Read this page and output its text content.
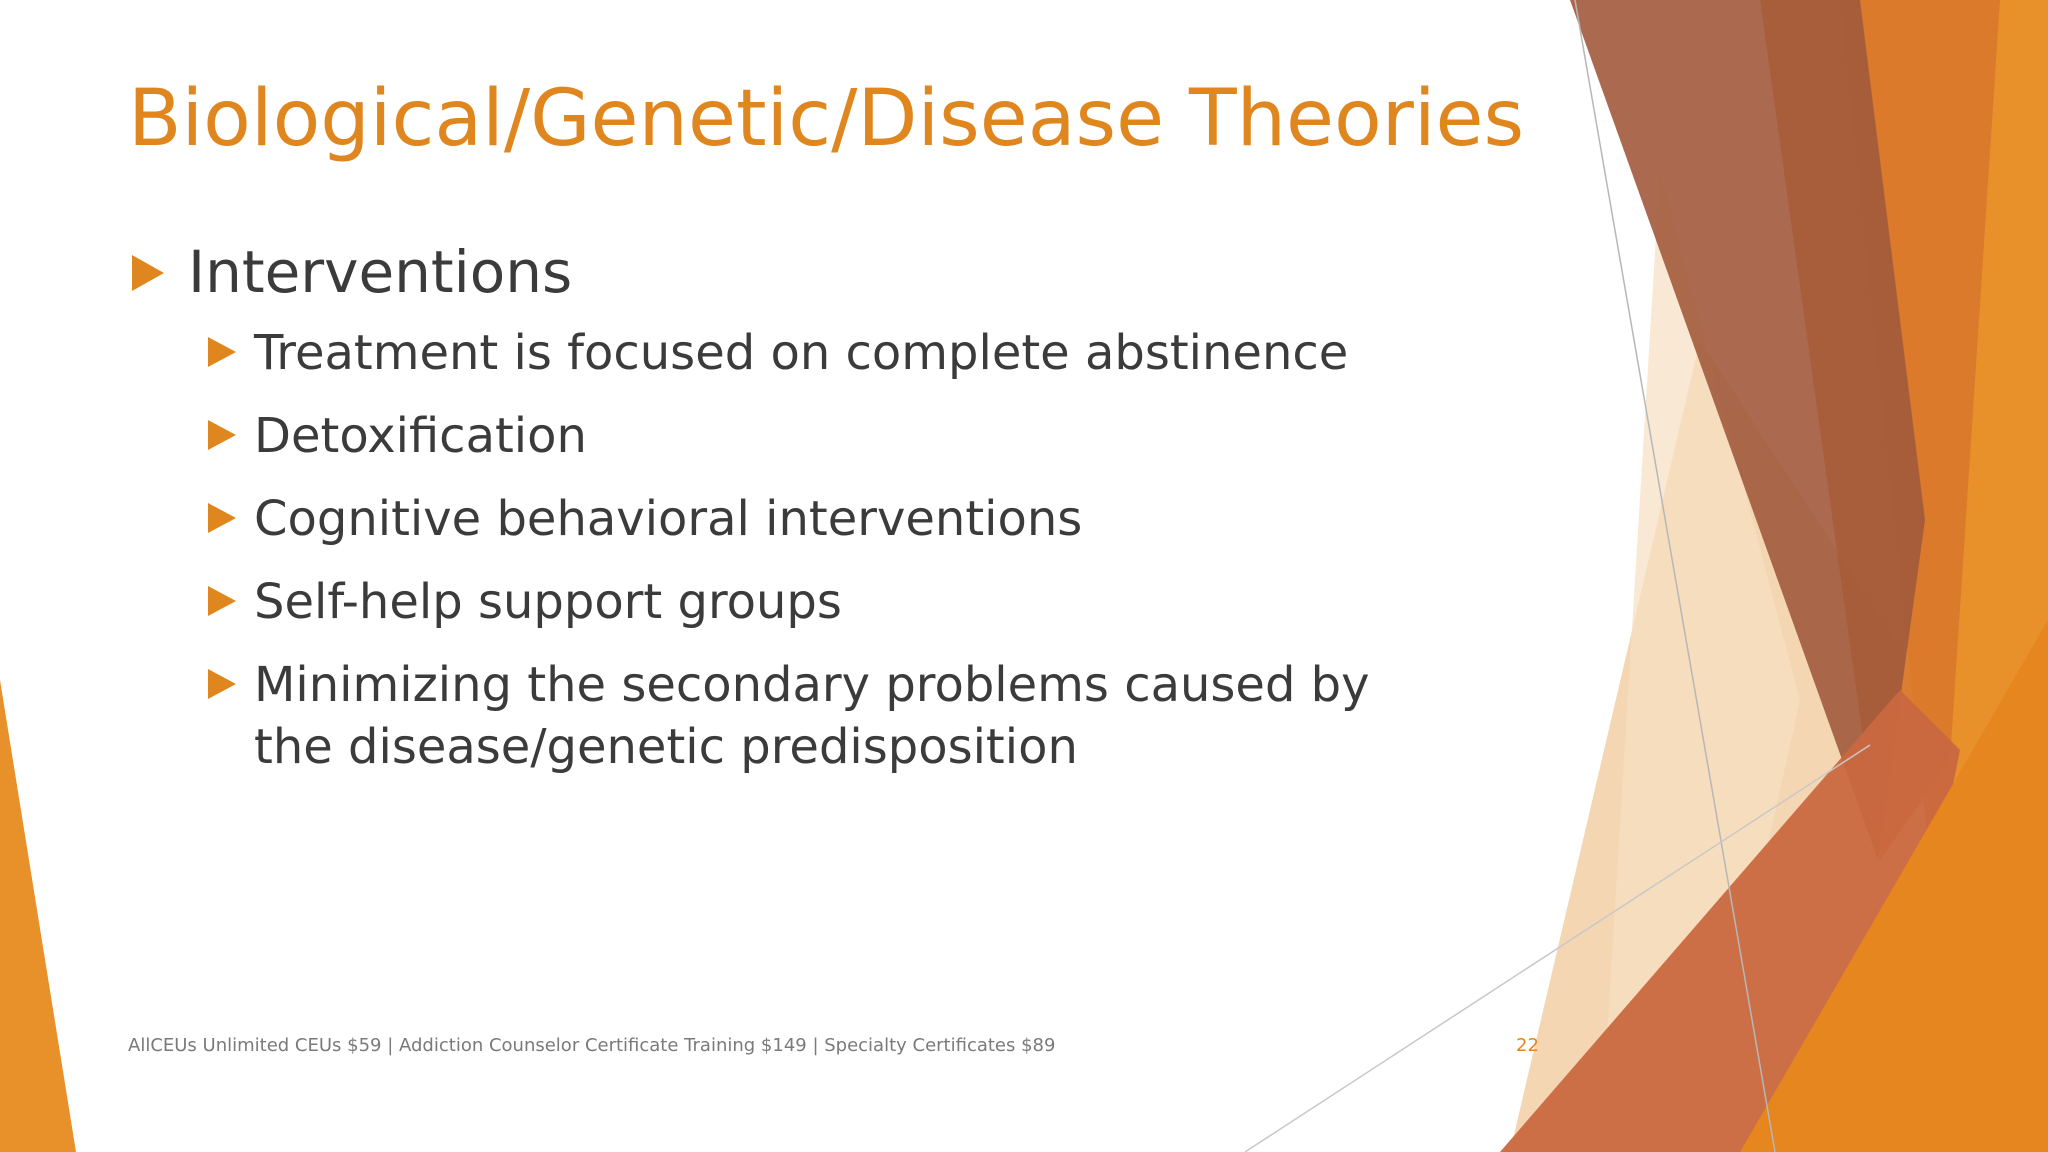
Biological/Genetic/Disease Theories
Interventions
Treatment is focused on complete abstinence
Detoxification
Cognitive behavioral interventions
Self-help support groups
Minimizing the secondary problems caused by the disease/genetic predisposition
AllCEUs Unlimited CEUs $59 | Addiction Counselor Certificate Training $149 | Specialty Certificates $89	22
